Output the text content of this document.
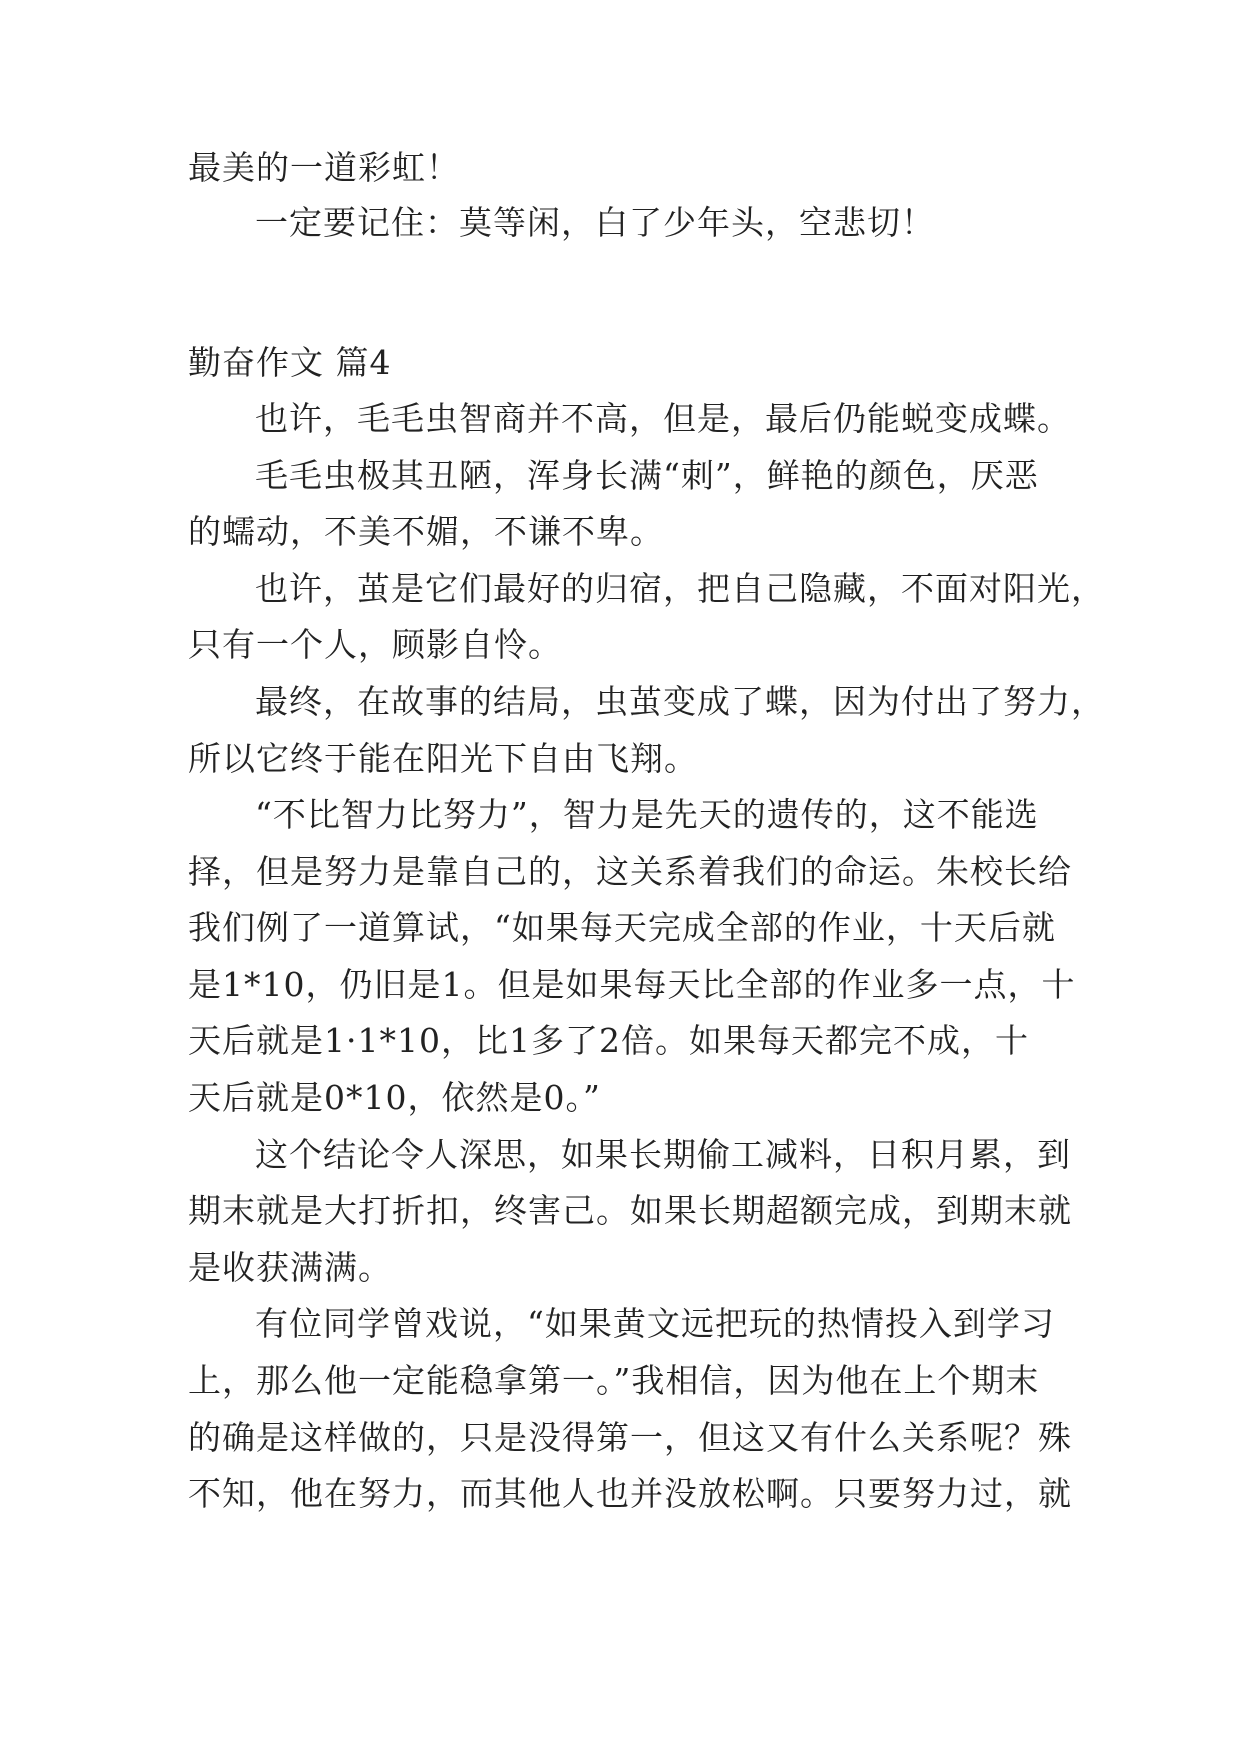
最美的一道彩虹！
一定要记住：莫等闲，白了少年头，空悲切！
勤奋作文 篇4
也许，毛毛虫智商并不高，但是，最后仍能蜕变成蝶。
毛毛虫极其丑陋，浑身长满“刺”，鲜艳的颜色，厌恶
的蠕动，不美不媚，不谦不卑。
也许，茧是它们最好的归宿，把自己隐藏，不面对阳光，
只有一个人，顾影自怜。
最终，在故事的结局，虫茧变成了蝶，因为付出了努力，
所以它终于能在阳光下自由飞翔。
“不比智力比努力”，智力是先天的遗传的，这不能选
择，但是努力是靠自己的，这关系着我们的命运。朱校长给
我们例了一道算试，“如果每天完成全部的作业，十天后就
是1*10，仍旧是1。但是如果每天比全部的作业多一点，十
天后就是1·1*10，比1多了2倍。如果每天都完不成，十
天后就是0*10，依然是0。”
这个结论令人深思，如果长期偷工减料，日积月累，到
期末就是大打折扣，终害己。如果长期超额完成，到期末就
是收获满满。
有位同学曾戏说，“如果黄文远把玩的热情投入到学习
上，那么他一定能稳拿第一。”我相信，因为他在上个期末
的确是这样做的，只是没得第一，但这又有什么关系呢？殊
不知，他在努力，而其他人也并没放松啊。只要努力过，就
